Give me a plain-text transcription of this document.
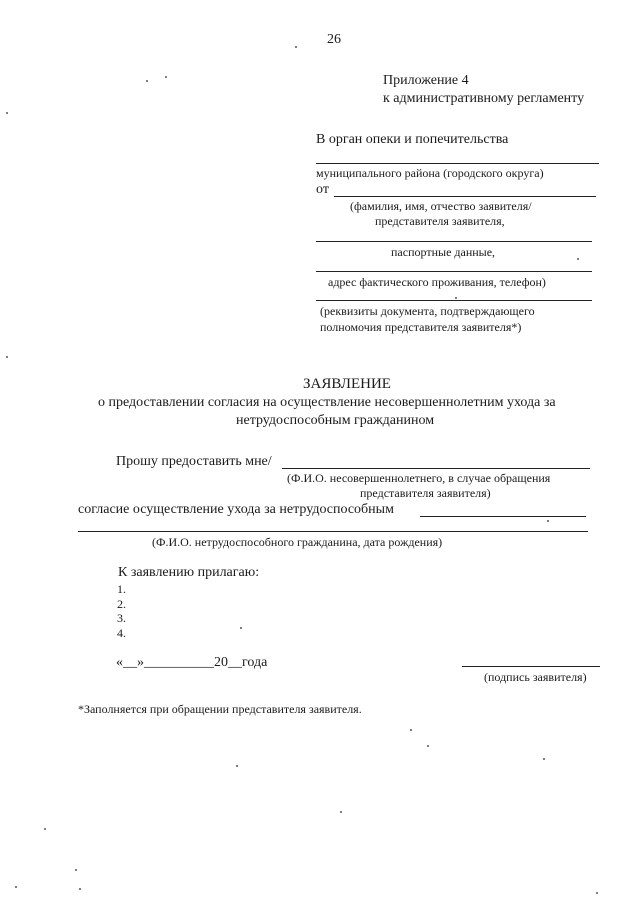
26
Приложение 4
к административному регламенту
В орган опеки и попечительства
муниципального района (городского округа)
от
(фамилия, имя, отчество заявителя/
представителя заявителя,
паспортные данные,
адрес фактического проживания, телефон)
(реквизиты документа, подтверждающего
полномочия представителя заявителя*)
ЗАЯВЛЕНИЕ
о предоставлении согласия на осуществление несовершеннолетним ухода за
нетрудоспособным гражданином
Прошу предоставить мне/
(Ф.И.О. несовершеннолетнего, в случае обращения
представителя заявителя)
согласие осуществление ухода за нетрудоспособным
(Ф.И.О. нетрудоспособного гражданина, дата рождения)
К заявлению прилагаю:
1.
2.
3.
4.
«__»__________20__года
(подпись заявителя)
*Заполняется при обращении представителя заявителя.
